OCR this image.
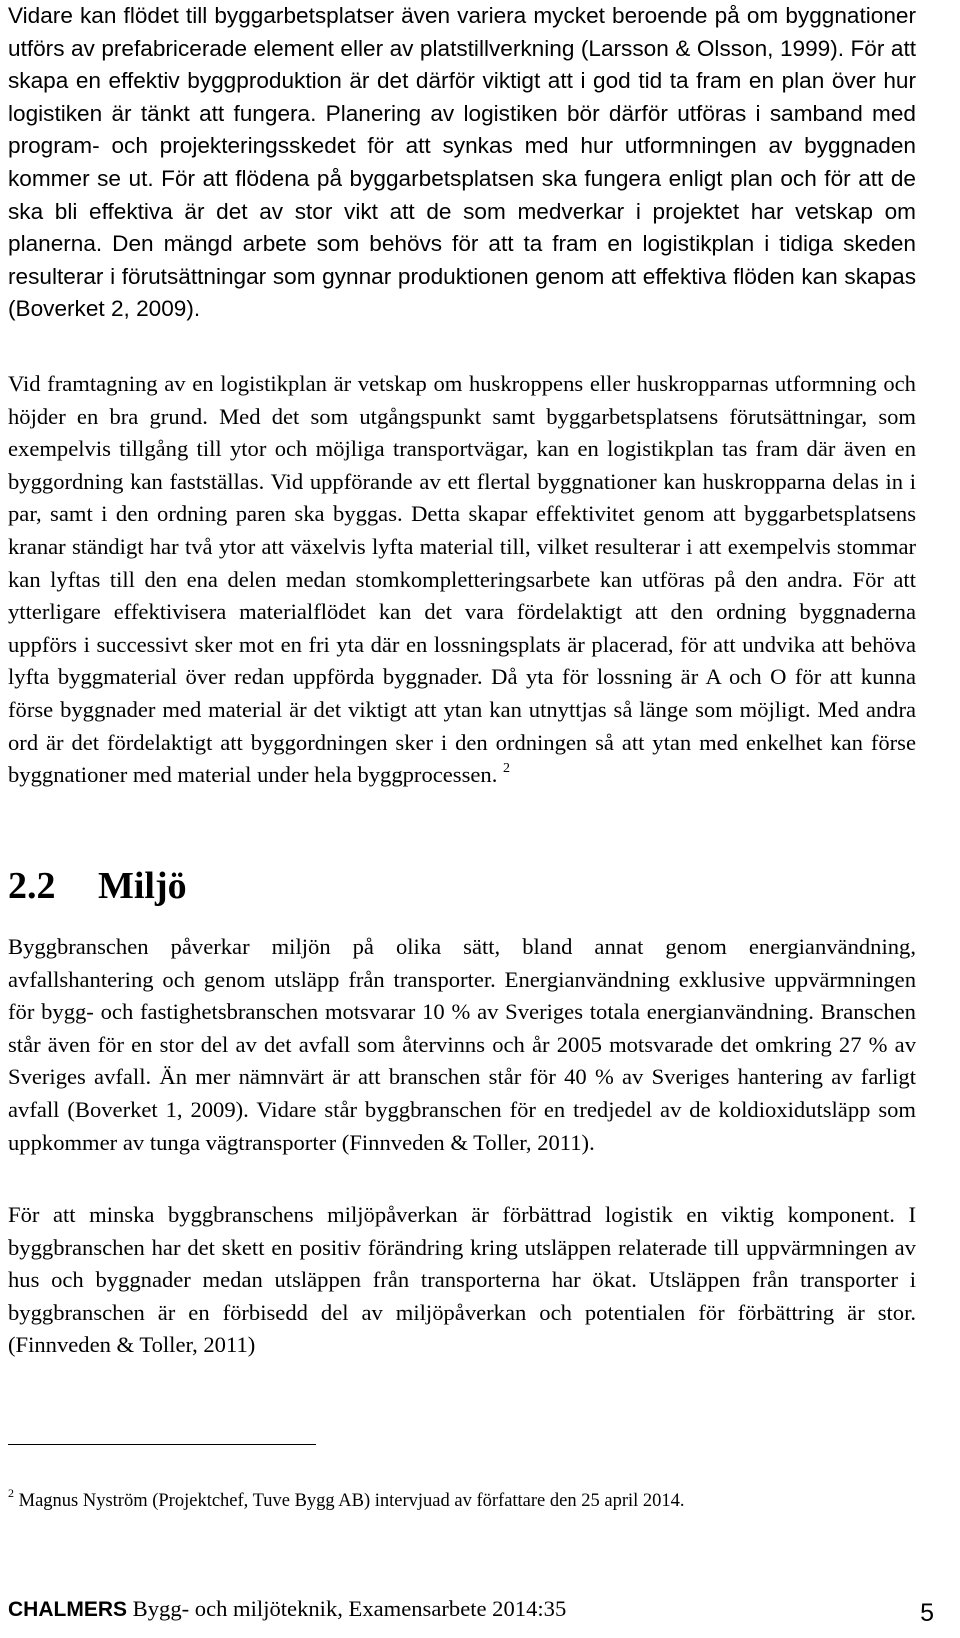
Vidare kan flödet till byggarbetsplatser även variera mycket beroende på om byggnationer utförs av prefabricerade element eller av platstillverkning (Larsson & Olsson, 1999). För att skapa en effektiv byggproduktion är det därför viktigt att i god tid ta fram en plan över hur logistiken är tänkt att fungera. Planering av logistiken bör därför utföras i samband med program- och projekteringsskedet för att synkas med hur utformningen av byggnaden kommer se ut. För att flödena på byggarbetsplatsen ska fungera enligt plan och för att de ska bli effektiva är det av stor vikt att de som medverkar i projektet har vetskap om planerna. Den mängd arbete som behövs för att ta fram en logistikplan i tidiga skeden resulterar i förutsättningar som gynnar produktionen genom att effektiva flöden kan skapas (Boverket 2, 2009).

Vid framtagning av en logistikplan är vetskap om huskroppens eller huskropparnas utformning och höjder en bra grund. Med det som utgångspunkt samt byggarbetsplatsens förutsättningar, som exempelvis tillgång till ytor och möjliga transportvägar, kan en logistikplan tas fram där även en byggordning kan fastställas. Vid uppförande av ett flertal byggnationer kan huskropparna delas in i par, samt i den ordning paren ska byggas. Detta skapar effektivitet genom att byggarbetsplatsens kranar ständigt har två ytor att växelvis lyfta material till, vilket resulterar i att exempelvis stommar kan lyftas till den ena delen medan stomkompletteringsarbete kan utföras på den andra. För att ytterligare effektivisera materialflödet kan det vara fördelaktigt att den ordning byggnaderna uppförs i successivt sker mot en fri yta där en lossningsplats är placerad, för att undvika att behöva lyfta byggmaterial över redan uppförda byggnader. Då yta för lossning är A och O för att kunna förse byggnader med material är det viktigt att ytan kan utnyttjas så länge som möjligt. Med andra ord är det fördelaktigt att byggordningen sker i den ordningen så att ytan med enkelhet kan förse byggnationer med material under hela byggprocessen. $^2$

2.2 Miljö

Byggbranschen påverkar miljön på olika sätt, bland annat genom energianvändning, avfallshantering och genom utsläpp från transporter. Energianvändning exklusive uppvärmningen för bygg- och fastighetsbranschen motsvarar 10 % av Sveriges totala energianvändning. Branschen står även för en stor del av det avfall som återvinns och år 2005 motsvarade det omkring 27 % av Sveriges avfall. Än mer nämnvärt är att branschen står för 40 % av Sveriges hantering av farligt avfall (Boverket 1, 2009). Vidare står byggbranschen för en tredjedel av de koldioxidutsläpp som uppkommer av tunga vägtransporter (Finnveden & Toller, 2011).

För att minska byggbranschens miljöpåverkan är förbättrad logistik en viktig komponent. I byggbranschen har det skett en positiv förändring kring utsläppen relaterade till uppvärmningen av hus och byggnader medan utsläppen från transporterna har ökat. Utsläppen från transporter i byggbranschen är en förbisedd del av miljöpåverkan och potentialen för förbättring är stor. (Finnveden & Toller, 2011)

$^2$ Magnus Nyström (Projektchef, Tuve Bygg AB) intervjuad av författare den 25 april 2014.

CHALMERS Bygg- och miljöteknik, Examensarbete 2014:35	5
